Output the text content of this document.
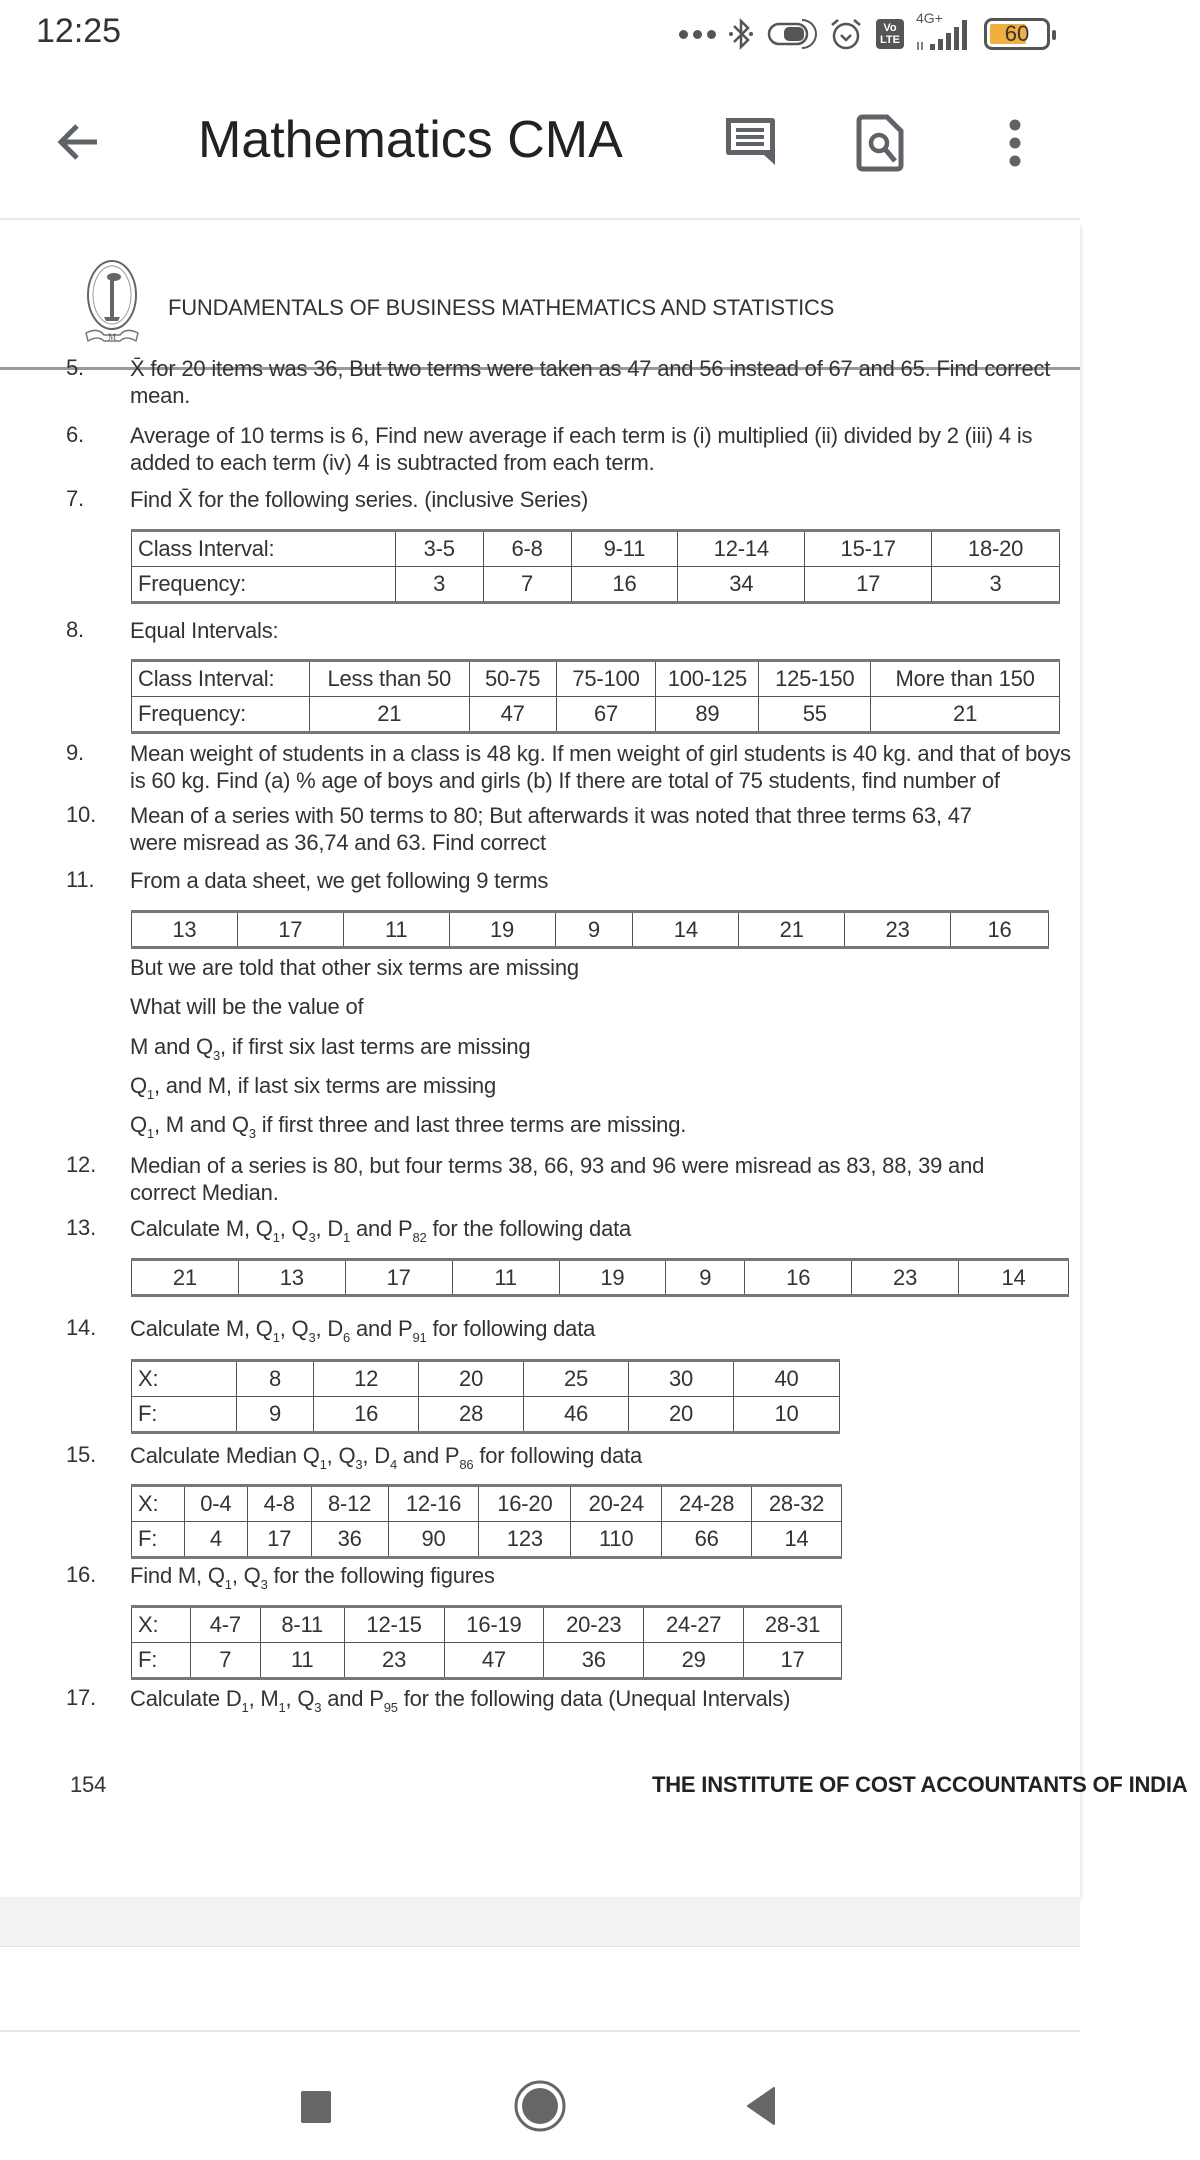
12:25	Vo
LTE
4G+
60
Mathematics CMA
M
FUNDAMENTALS OF BUSINESS MATHEMATICS AND STATISTICS
5. X̄ for 20 items was 36, But two terms were taken as 47 and 56 instead of 67 and 65. Find correct
mean.
6. Average of 10 terms is 6, Find new average if each term is (i) multiplied (ii) divided by 2 (iii) 4 is
added to each term (iv) 4 is subtracted from each term.
7. Find X̄ for the following series. (inclusive Series)
Class Interval:	3-5	6-8	9-11	12-14	15-17	18-20
Frequency:	3	7	16	34	17	3
8. Equal Intervals:
Class Interval:	Less than 50	50-75	75-100	100-125	125-150	More than 150
Frequency:	21	47	67	89	55	21
9. Mean weight of students in a class is 48 kg. If men weight of girl students is 40 kg. and that of boys
is 60 kg. Find (a) % age of boys and girls (b) If there are total of 75 students, find number of
10. Mean of a series with 50 terms to 80; But afterwards it was noted that three terms 63, 47
were misread as 36,74 and 63. Find correct
11. From a data sheet, we get following 9 terms
13	17	11	19	9	14	21	23	16
But we are told that other six terms are missing
What will be the value of
M and $Q_3$, if first six last terms are missing
$Q_1$, and M, if last six terms are missing
$Q_1$, M and $Q_3$ if first three and last three terms are missing.
12. Median of a series is 80, but four terms 38, 66, 93 and 96 were misread as 83, 88, 39 and
correct Median.
13. Calculate M, $Q_1$, $Q_3$, $D_1$ and $P_{82}$ for the following data
21	13	17	11	19	9	16	23	14
14. Calculate M, $Q_1$, $Q_3$, $D_6$ and $P_{91}$ for following data
X:	8	12	20	25	30	40
F:	9	16	28	46	20	10
15. Calculate Median $Q_1$, $Q_3$, $D_4$ and $P_{86}$ for following data
X:	0-4	4-8	8-12	12-16	16-20	20-24	24-28	28-32
F:	4	17	36	90	123	110	66	14
16. Find M, $Q_1$, $Q_3$ for the following figures
X:	4-7	8-11	12-15	16-19	20-23	24-27	28-31
F:	7	11	23	47	36	29	17
17. Calculate $D_1$, $M_1$, $Q_3$ and $P_{95}$ for the following data (Unequal Intervals)
154	THE INSTITUTE OF COST ACCOUNTANTS OF INDIA
